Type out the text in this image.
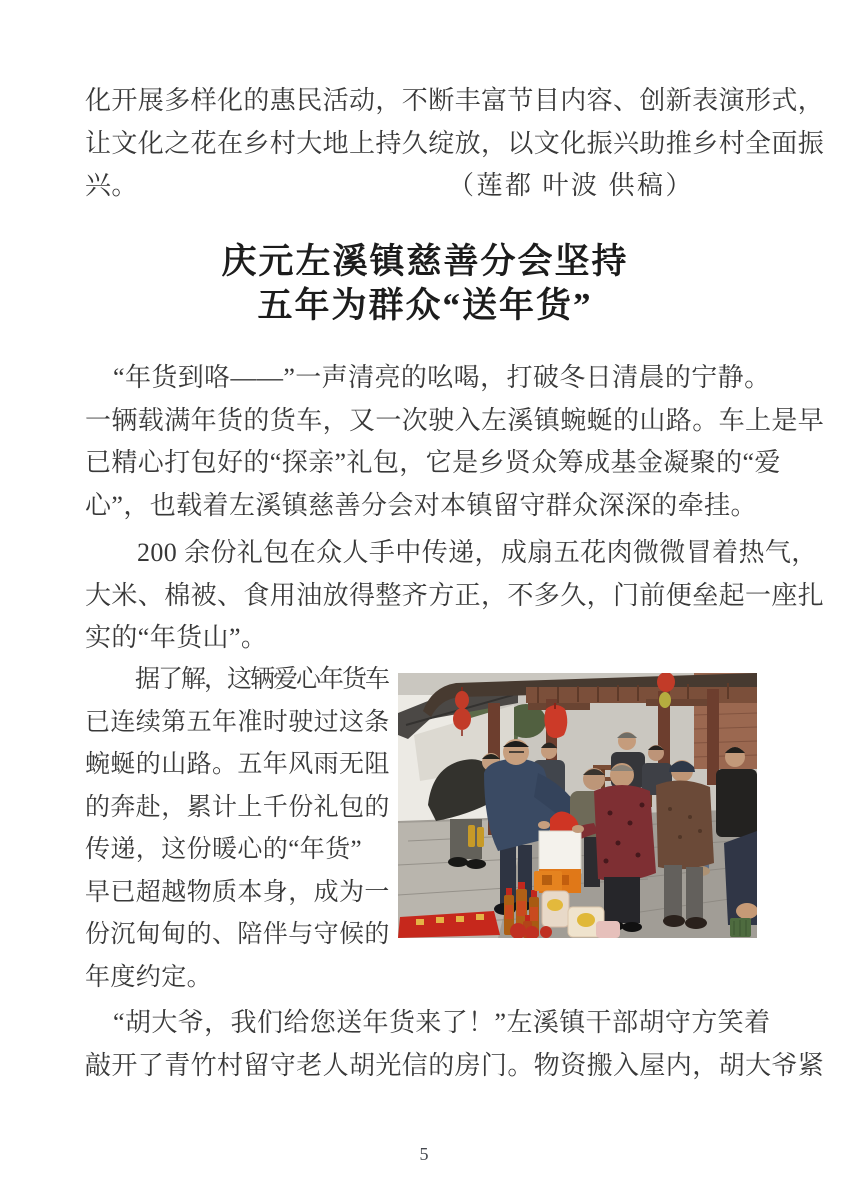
化开展多样化的惠民活动，不断丰富节目内容、创新表演形式，
让文化之花在乡村大地上持久绽放，以文化振兴助推乡村全面振
兴。	（莲都 叶波 供稿）
庆元左溪镇慈善分会坚持
五年为群众“送年货”
“年货到咯——”一声清亮的吆喝，打破冬日清晨的宁静。
一辆载满年货的货车，又一次驶入左溪镇蜿蜒的山路。车上是早
已精心打包好的“探亲”礼包，它是乡贤众筹成基金凝聚的“爱
心”，也载着左溪镇慈善分会对本镇留守群众深深的牵挂。
200 余份礼包在众人手中传递，成扇五花肉微微冒着热气，
大米、棉被、食用油放得整齐方正，不多久，门前便垒起一座扎
实的“年货山”。
据了解，这辆爱心年货车
已连续第五年准时驶过这条
蜿蜒的山路。五年风雨无阻
的奔赴，累计上千份礼包的
传递，这份暖心的“年货”
早已超越物质本身，成为一
份沉甸甸的、陪伴与守候的
年度约定。
“胡大爷，我们给您送年货来了！”左溪镇干部胡守方笑着
敲开了青竹村留守老人胡光信的房门。物资搬入屋内，胡大爷紧
5
